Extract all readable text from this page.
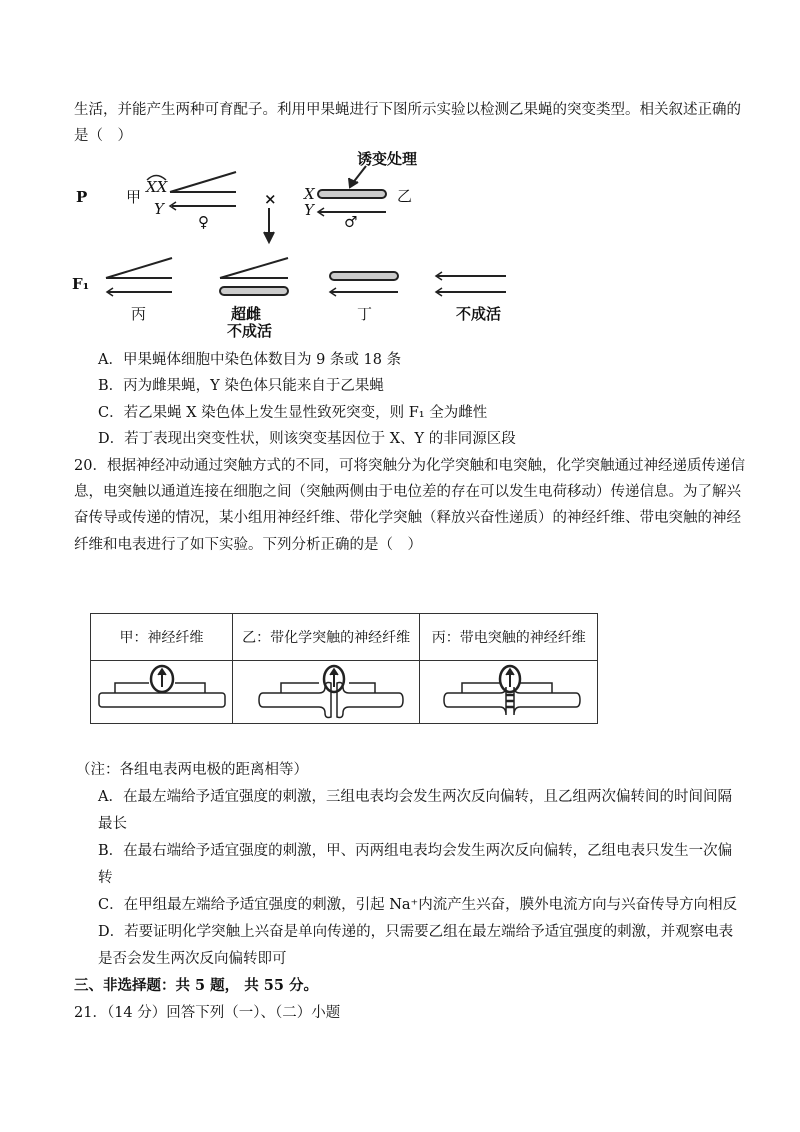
生活，并能产生两种可育配子。利用甲果蝇进行下图所示实验以检测乙果蝇的突变类型。相关叙述正确的
是（　）
诱变处理
P
F₁
甲
XX
Y
♀
× X
Y
乙
♂
丙	超雌
不成活
丁	不成活
A．甲果蝇体细胞中染色体数目为 9 条或 18 条
B．丙为雌果蝇，Y 染色体只能来自于乙果蝇
C．若乙果蝇 X 染色体上发生显性致死突变，则 F₁ 全为雌性
D．若丁表现出突变性状，则该突变基因位于 X、Y 的非同源区段
20．根据神经冲动通过突触方式的不同，可将突触分为化学突触和电突触，化学突触通过神经递质传递信
息，电突触以通道连接在细胞之间（突触两侧由于电位差的存在可以发生电荷移动）传递信息。为了解兴
奋传导或传递的情况，某小组用神经纤维、带化学突触（释放兴奋性递质）的神经纤维、带电突触的神经
纤维和电表进行了如下实验。下列分析正确的是（　）
甲：神经纤维	乙：带化学突触的神经纤维	丙：带电突触的神经纤维

（注：各组电表两电极的距离相等）
A．在最左端给予适宜强度的刺激，三组电表均会发生两次反向偏转，且乙组两次偏转间的时间间隔
最长
B．在最右端给予适宜强度的刺激，甲、丙两组电表均会发生两次反向偏转，乙组电表只发生一次偏
转
C．在甲组最左端给予适宜强度的刺激，引起 Na⁺内流产生兴奋，膜外电流方向与兴奋传导方向相反
D．若要证明化学突触上兴奋是单向传递的，只需要乙组在最左端给予适宜强度的刺激，并观察电表
是否会发生两次反向偏转即可
三、非选择题：共 5 题， 共 55 分。
21．（14 分）回答下列（一）、（二）小题
